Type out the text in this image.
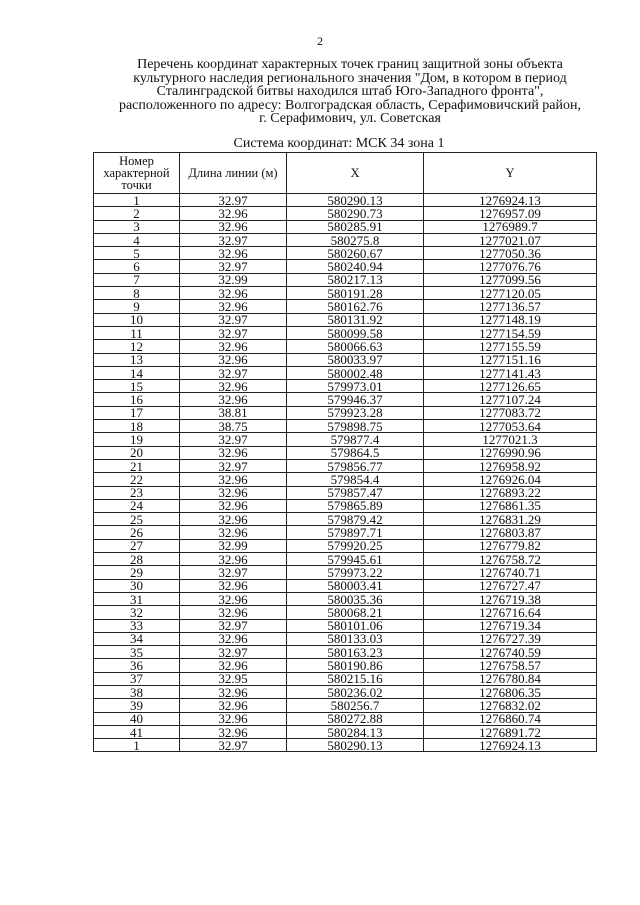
2
Перечень координат характерных точек границ защитной зоны объекта
культурного наследия регионального значения "Дом, в котором в период
Сталинградской битвы находился штаб Юго-Западного фронта",
расположенного по адресу: Волгоградская область, Серафимовичский район,
г. Серафимович, ул. Советская
Система координат: МСК 34 зона 1
Номер характерной точки	Длина линии (м)	X	Y
1	32.97	580290.13	1276924.13
2	32.96	580290.73	1276957.09
3	32.96	580285.91	1276989.7
4	32.97	580275.8	1277021.07
5	32.96	580260.67	1277050.36
6	32.97	580240.94	1277076.76
7	32.99	580217.13	1277099.56
8	32.96	580191.28	1277120.05
9	32.96	580162.76	1277136.57
10	32.97	580131.92	1277148.19
11	32.97	580099.58	1277154.59
12	32.96	580066.63	1277155.59
13	32.96	580033.97	1277151.16
14	32.97	580002.48	1277141.43
15	32.96	579973.01	1277126.65
16	32.96	579946.37	1277107.24
17	38.81	579923.28	1277083.72
18	38.75	579898.75	1277053.64
19	32.97	579877.4	1277021.3
20	32.96	579864.5	1276990.96
21	32.97	579856.77	1276958.92
22	32.96	579854.4	1276926.04
23	32.96	579857.47	1276893.22
24	32.96	579865.89	1276861.35
25	32.96	579879.42	1276831.29
26	32.96	579897.71	1276803.87
27	32.99	579920.25	1276779.82
28	32.96	579945.61	1276758.72
29	32.97	579973.22	1276740.71
30	32.96	580003.41	1276727.47
31	32.96	580035.36	1276719.38
32	32.96	580068.21	1276716.64
33	32.97	580101.06	1276719.34
34	32.96	580133.03	1276727.39
35	32.97	580163.23	1276740.59
36	32.96	580190.86	1276758.57
37	32.95	580215.16	1276780.84
38	32.96	580236.02	1276806.35
39	32.96	580256.7	1276832.02
40	32.96	580272.88	1276860.74
41	32.96	580284.13	1276891.72
1	32.97	580290.13	1276924.13
